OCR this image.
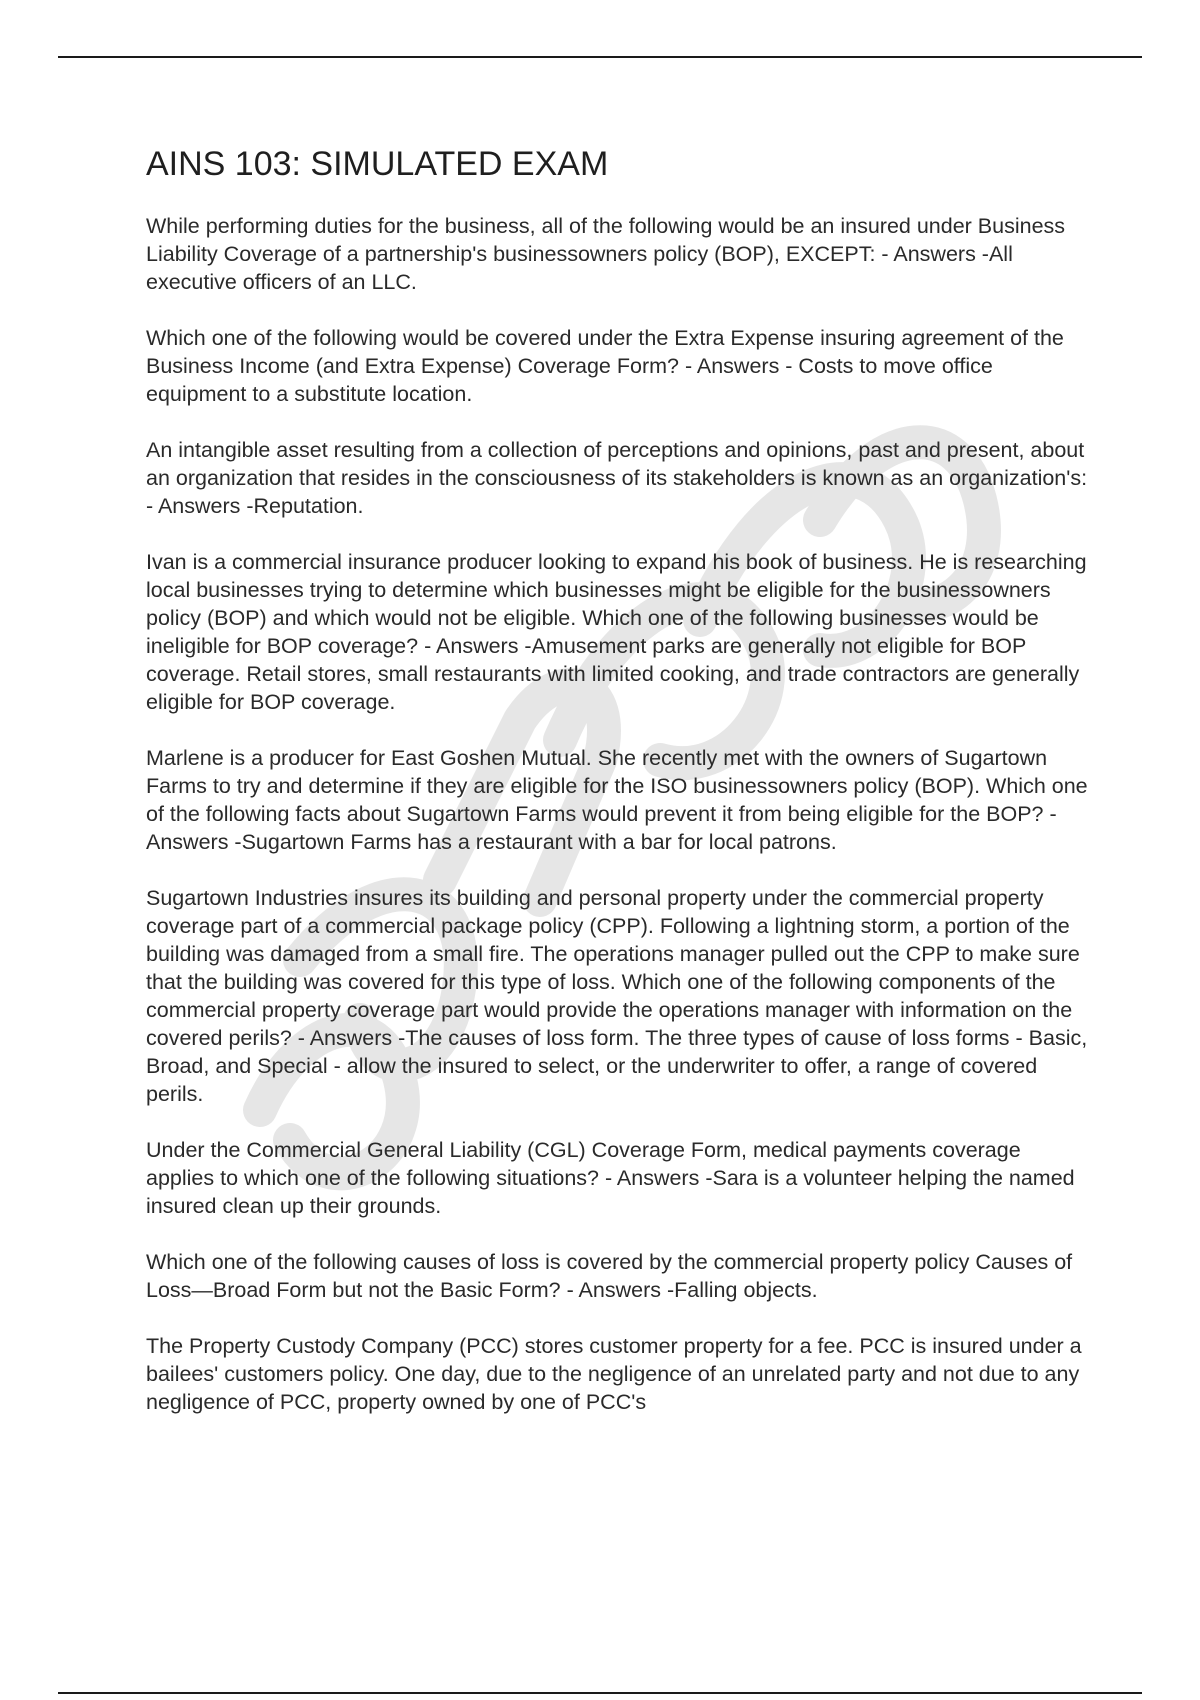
AINS 103: SIMULATED EXAM

While performing duties for the business, all of the following would be an insured under Business Liability Coverage of a partnership's businessowners policy (BOP), EXCEPT: - Answers -All executive officers of an LLC.

Which one of the following would be covered under the Extra Expense insuring agreement of the Business Income (and Extra Expense) Coverage Form? - Answers - Costs to move office equipment to a substitute location.

An intangible asset resulting from a collection of perceptions and opinions, past and present, about an organization that resides in the consciousness of its stakeholders is known as an organization's: - Answers -Reputation.

Ivan is a commercial insurance producer looking to expand his book of business. He is researching local businesses trying to determine which businesses might be eligible for the businessowners policy (BOP) and which would not be eligible. Which one of the following businesses would be ineligible for BOP coverage? - Answers -Amusement parks are generally not eligible for BOP coverage. Retail stores, small restaurants with limited cooking, and trade contractors are generally eligible for BOP coverage.

Marlene is a producer for East Goshen Mutual. She recently met with the owners of Sugartown Farms to try and determine if they are eligible for the ISO businessowners policy (BOP). Which one of the following facts about Sugartown Farms would prevent it from being eligible for the BOP? - Answers -Sugartown Farms has a restaurant with a bar for local patrons.

Sugartown Industries insures its building and personal property under the commercial property coverage part of a commercial package policy (CPP). Following a lightning storm, a portion of the building was damaged from a small fire. The operations manager pulled out the CPP to make sure that the building was covered for this type of loss. Which one of the following components of the commercial property coverage part would provide the operations manager with information on the covered perils? - Answers -The causes of loss form. The three types of cause of loss forms - Basic, Broad, and Special - allow the insured to select, or the underwriter to offer, a range of covered perils.

Under the Commercial General Liability (CGL) Coverage Form, medical payments coverage applies to which one of the following situations? - Answers -Sara is a volunteer helping the named insured clean up their grounds.

Which one of the following causes of loss is covered by the commercial property policy Causes of Loss—Broad Form but not the Basic Form? - Answers -Falling objects.

The Property Custody Company (PCC) stores customer property for a fee. PCC is insured under a bailees' customers policy. One day, due to the negligence of an unrelated party and not due to any negligence of PCC, property owned by one of PCC's
